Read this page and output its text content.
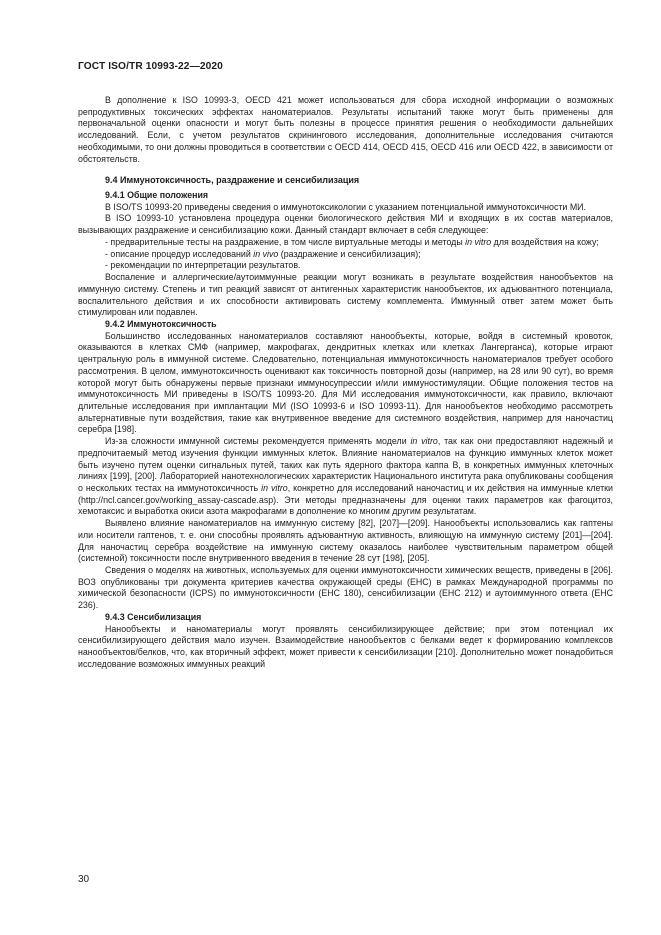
ГОСТ ISO/TR 10993-22—2020

В дополнение к ISO 10993-3, OECD 421 может использоваться для сбора исходной информации о возможных репродуктивных токсических эффектах наноматериалов. Результаты испытаний также могут быть применены для первоначальной оценки опасности и могут быть полезны в процессе принятия решения о необходимости дальнейших исследований. Если, с учетом результатов скринингового исследования, дополнительные исследования считаются необходимыми, то они должны проводиться в соответствии с OECD 414, OECD 415, OECD 416 или OECD 422, в зависимости от обстоятельств.

9.4 Иммунотоксичность, раздражение и сенсибилизация
9.4.1 Общие положения

В ISO/TS 10993-20 приведены сведения о иммунотоксикологии с указанием потенциальной иммунотоксичности МИ.

В ISO 10993-10 установлена процедура оценки биологического действия МИ и входящих в их состав материалов, вызывающих раздражение и сенсибилизацию кожи. Данный стандарт включает в себя следующее:

- предварительные тесты на раздражение, в том числе виртуальные методы и методы in vitro для воздействия на кожу;

- описание процедур исследований in vivo (раздражение и сенсибилизация);

- рекомендации по интерпретации результатов.

Воспаление и аллергические/аутоиммунные реакции могут возникать в результате воздействия нанообъектов на иммунную систему. Степень и тип реакций зависят от антигенных характеристик нанообъектов, их адъювантного потенциала, воспалительного действия и их способности активировать систему комплемента. Иммунный ответ затем может быть стимулирован или подавлен.

9.4.2 Иммунотоксичность

Большинство исследованных наноматериалов составляют нанообъекты, которые, войдя в системный кровоток, оказываются в клетках СМФ (например, макрофагах, дендритных клетках или клетках Лангерганса), которые играют центральную роль в иммунной системе. Следовательно, потенциальная иммунотоксичность наноматериалов требует особого рассмотрения. В целом, иммунотоксичность оценивают как токсичность повторной дозы (например, на 28 или 90 сут), во время которой могут быть обнаружены первые признаки иммуносупрессии и/или иммуностимуляции. Общие положения тестов на иммунотоксичность МИ приведены в ISO/TS 10993-20. Для МИ исследования иммунотоксичности, как правило, включают длительные исследования при имплантации МИ (ISO 10993-6 и ISO 10993-11). Для нанообъектов необходимо рассмотреть альтернативные пути воздействия, такие как внутривенное введение для системного воздействия, например для наночастиц серебра [198].

Из-за сложности иммунной системы рекомендуется применять модели in vitro, так как они предоставляют надежный и предпочитаемый метод изучения функции иммунных клеток. Влияние наноматериалов на функцию иммунных клеток может быть изучено путем оценки сигнальных путей, таких как путь ядерного фактора каппа В, в конкретных иммунных клеточных линиях [199], [200]. Лабораторией нанотехнологических характеристик Национального института рака опубликованы сообщения о нескольких тестах на иммунотоксичность in vitro, конкретно для исследований наночастиц и их действия на иммунные клетки (http://ncl.cancer.gov/working_assay-cascade.asp). Эти методы предназначены для оценки таких параметров как фагоцитоз, хемотаксис и выработка окиси азота макрофагами в дополнение ко многим другим результатам.

Выявлено влияние наноматериалов на иммунную систему [82], [207]—[209]. Нанообъекты использовались как гаптены или носители гаптенов, т. е. они способны проявлять адъювантную активность, влияющую на иммунную систему [201]—[204]. Для наночастиц серебра воздействие на иммунную систему оказалось наиболее чувствительным параметром общей (системной) токсичности после внутривенного введения в течение 28 сут [198], [205].

Сведения о моделях на животных, используемых для оценки иммунотоксичности химических веществ, приведены в [206]. ВОЗ опубликованы три документа критериев качества окружающей среды (ЕНС) в рамках Международной программы по химической безопасности (ICPS) по иммунотоксичности (ЕНС 180), сенсибилизации (ЕНС 212) и аутоиммунного ответа (ЕНС 236).

9.4.3 Сенсибилизация

Нанообъекты и наноматериалы могут проявлять сенсибилизирующее действие; при этом потенциал их сенсибилизирующего действия мало изучен. Взаимодействие нанообъектов с белками ведет к формированию комплексов нанообъектов/белков, что, как вторичный эффект, может привести к сенсибилизации [210]. Дополнительно может понадобиться исследование возможных иммунных реакций

30
